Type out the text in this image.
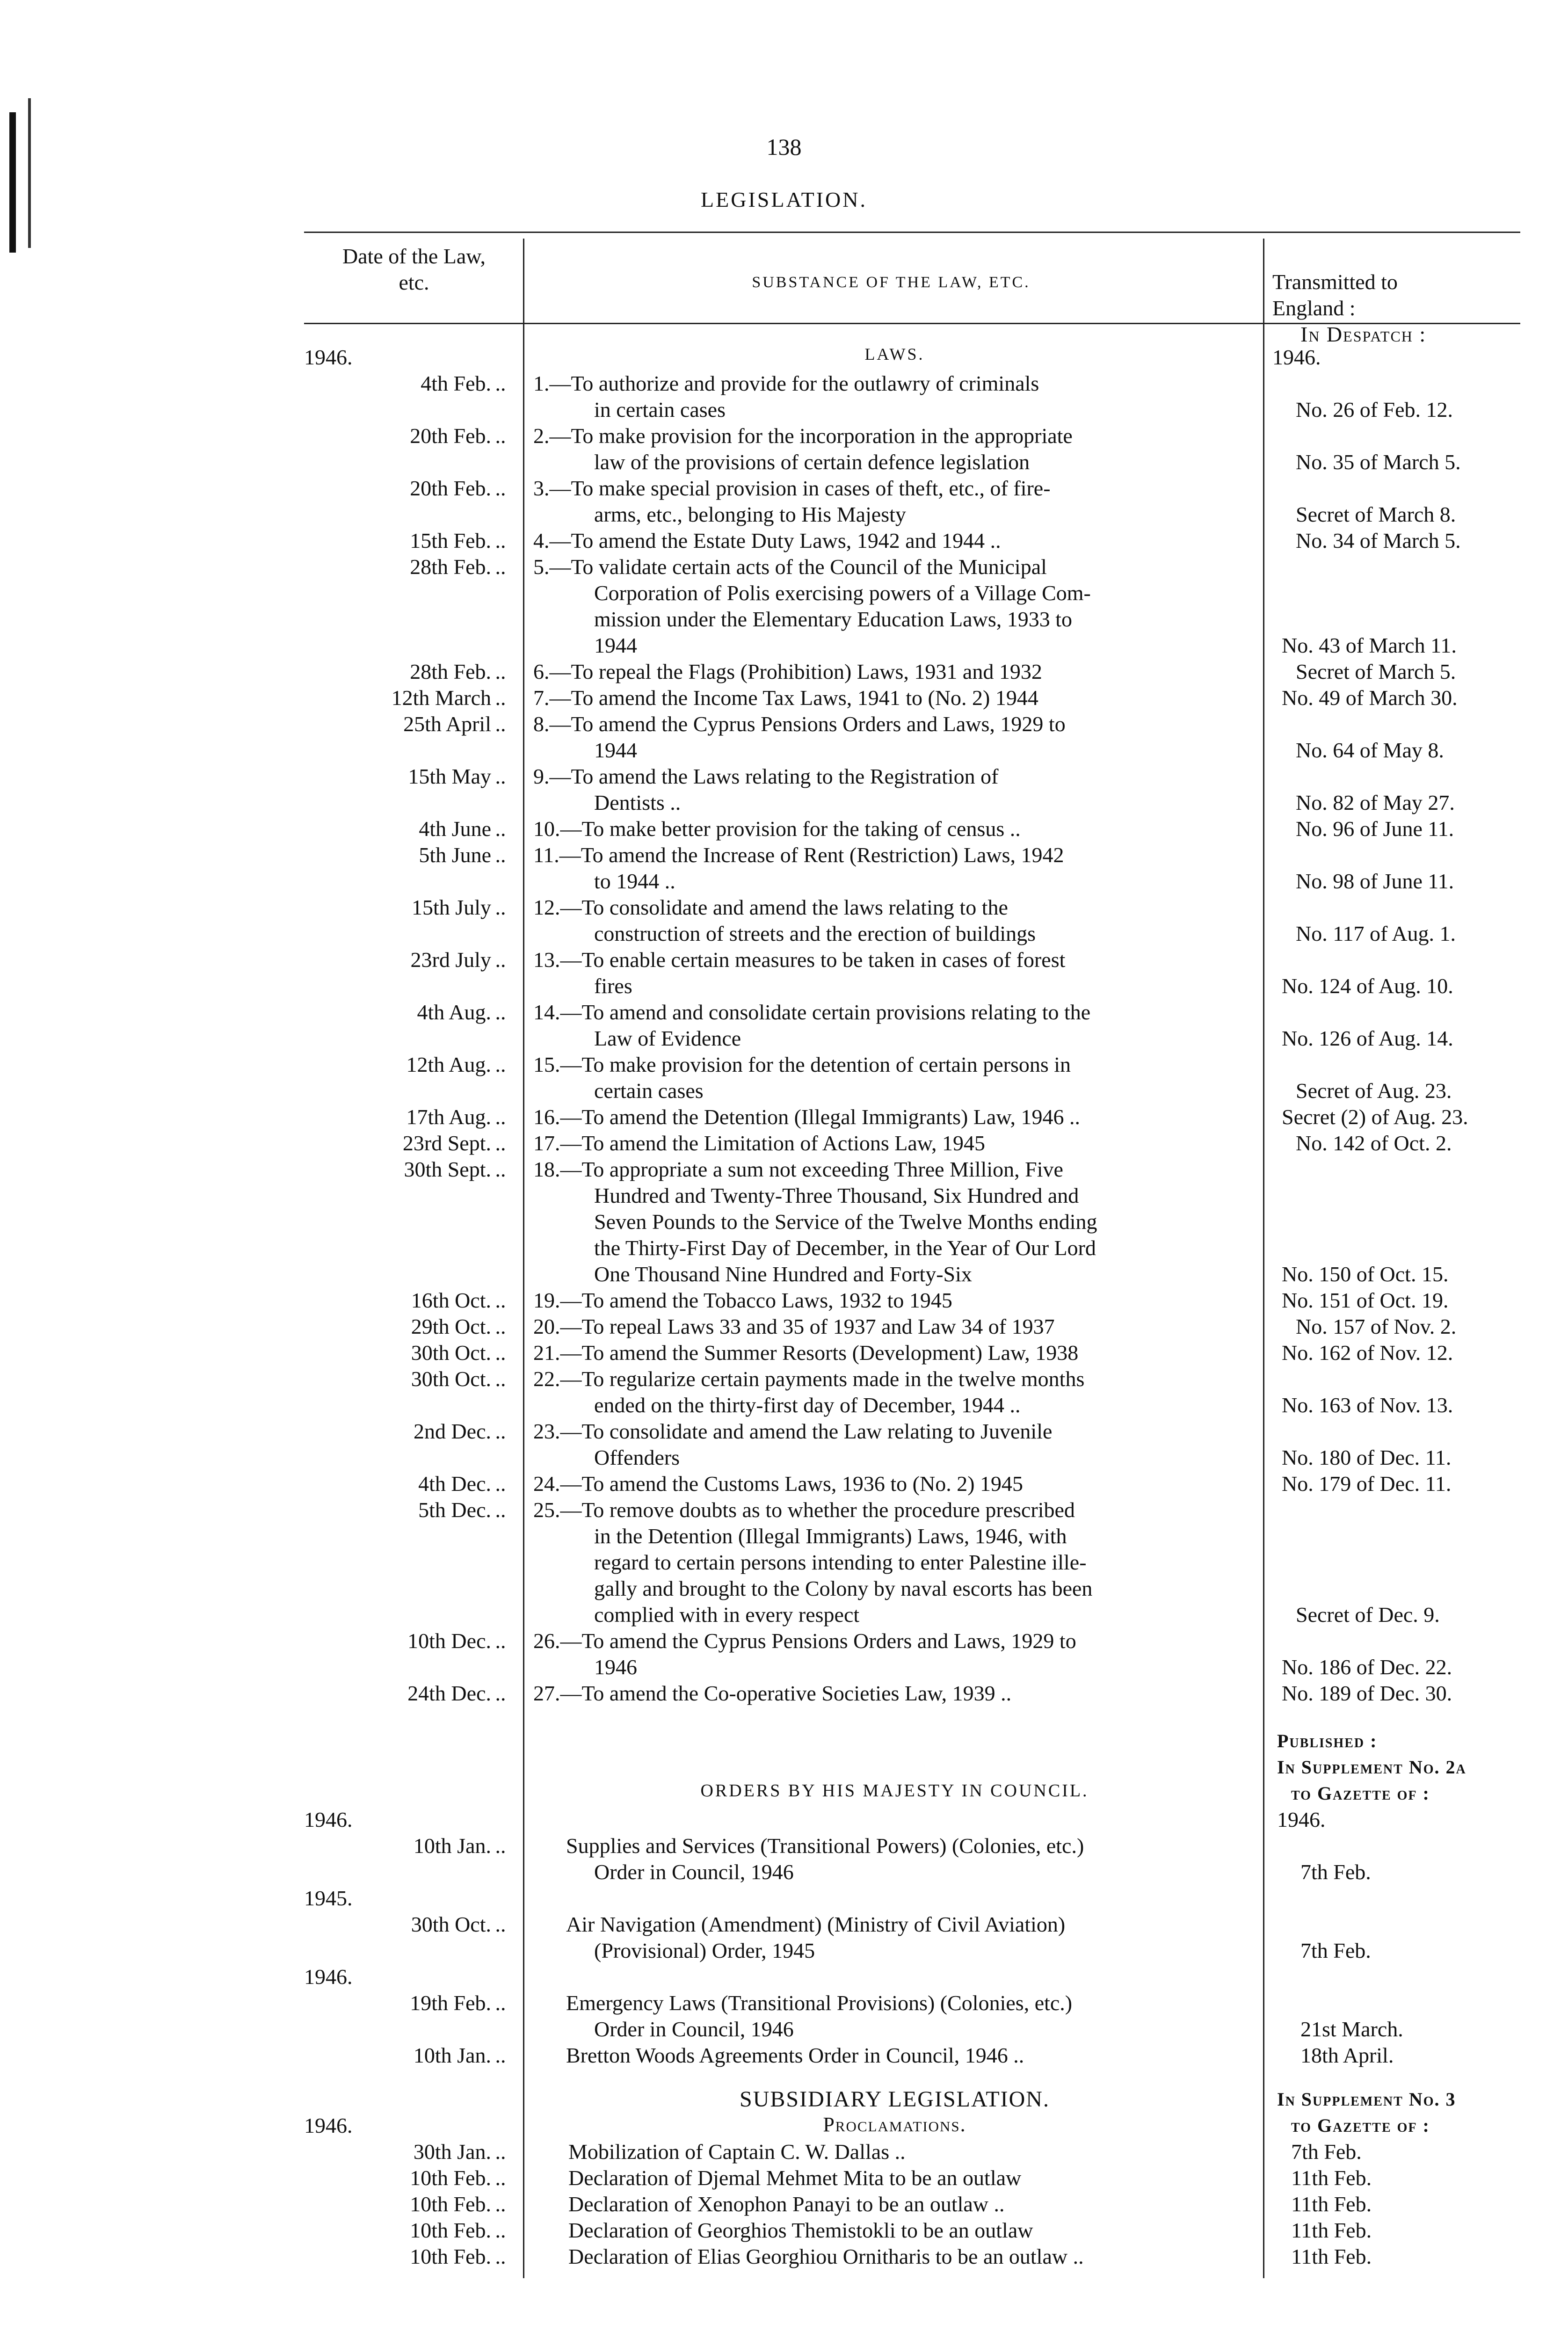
138
LEGISLATION.
Date of the Law,
etc.	SUBSTANCE OF THE LAW, ETC.	Transmitted to
England :
In Despatch :
LAWS.
1946.	1946.
4th Feb. ..	1.—To authorize and provide for the outlawry of criminals
in certain cases	No. 26 of Feb. 12.
20th Feb. ..	2.—To make provision for the incorporation in the appropriate
law of the provisions of certain defence legislation	No. 35 of March 5.
20th Feb. ..	3.—To make special provision in cases of theft, etc., of fire-
arms, etc., belonging to His Majesty	Secret of March 8.
15th Feb. ..	4.—To amend the Estate Duty Laws, 1942 and 1944 ..	No. 34 of March 5.
28th Feb. ..	5.—To validate certain acts of the Council of the Municipal
Corporation of Polis exercising powers of a Village Com-
mission under the Elementary Education Laws, 1933 to
1944	No. 43 of March 11.
28th Feb. ..	6.—To repeal the Flags (Prohibition) Laws, 1931 and 1932	Secret of March 5.
12th March ..	7.—To amend the Income Tax Laws, 1941 to (No. 2) 1944	No. 49 of March 30.
25th April ..	8.—To amend the Cyprus Pensions Orders and Laws, 1929 to
1944	No. 64 of May 8.
15th May ..	9.—To amend the Laws relating to the Registration of
Dentists ..	No. 82 of May 27.
4th June ..	10.—To make better provision for the taking of census ..	No. 96 of June 11.
5th June ..	11.—To amend the Increase of Rent (Restriction) Laws, 1942
to 1944 ..	No. 98 of June 11.
15th July ..	12.—To consolidate and amend the laws relating to the
construction of streets and the erection of buildings	No. 117 of Aug. 1.
23rd July ..	13.—To enable certain measures to be taken in cases of forest
fires	No. 124 of Aug. 10.
4th Aug. ..	14.—To amend and consolidate certain provisions relating to the
Law of Evidence	No. 126 of Aug. 14.
12th Aug. ..	15.—To make provision for the detention of certain persons in
certain cases	Secret of Aug. 23.
17th Aug. ..	16.—To amend the Detention (Illegal Immigrants) Law, 1946 ..	Secret (2) of Aug. 23.
23rd Sept. ..	17.—To amend the Limitation of Actions Law, 1945	No. 142 of Oct. 2.
30th Sept. ..	18.—To appropriate a sum not exceeding Three Million, Five
Hundred and Twenty-Three Thousand, Six Hundred and
Seven Pounds to the Service of the Twelve Months ending
the Thirty-First Day of December, in the Year of Our Lord
One Thousand Nine Hundred and Forty-Six	No. 150 of Oct. 15.
16th Oct. ..	19.—To amend the Tobacco Laws, 1932 to 1945	No. 151 of Oct. 19.
29th Oct. ..	20.—To repeal Laws 33 and 35 of 1937 and Law 34 of 1937	No. 157 of Nov. 2.
30th Oct. ..	21.—To amend the Summer Resorts (Development) Law, 1938	No. 162 of Nov. 12.
30th Oct. ..	22.—To regularize certain payments made in the twelve months
ended on the thirty-first day of December, 1944 ..	No. 163 of Nov. 13.
2nd Dec. ..	23.—To consolidate and amend the Law relating to Juvenile
Offenders	No. 180 of Dec. 11.
4th Dec. ..	24.—To amend the Customs Laws, 1936 to (No. 2) 1945	No. 179 of Dec. 11.
5th Dec. ..	25.—To remove doubts as to whether the procedure prescribed
in the Detention (Illegal Immigrants) Laws, 1946, with
regard to certain persons intending to enter Palestine ille-
gally and brought to the Colony by naval escorts has been
complied with in every respect	Secret of Dec. 9.
10th Dec. ..	26.—To amend the Cyprus Pensions Orders and Laws, 1929 to
1946	No. 186 of Dec. 22.
24th Dec. ..	27.—To amend the Co-operative Societies Law, 1939 ..	No. 189 of Dec. 30.
Published :
In Supplement No. 2a
to Gazette of :
1946.
ORDERS BY HIS MAJESTY IN COUNCIL.
1946.
10th Jan. ..	Supplies and Services (Transitional Powers) (Colonies, etc.)
Order in Council, 1946	7th Feb.
1945.
30th Oct. ..	Air Navigation (Amendment) (Ministry of Civil Aviation)
(Provisional) Order, 1945	7th Feb.
1946.
19th Feb. ..	Emergency Laws (Transitional Provisions) (Colonies, etc.)
Order in Council, 1946	21st March.
10th Jan. ..	Bretton Woods Agreements Order in Council, 1946 ..	18th April.
SUBSIDIARY LEGISLATION.
Proclamations.
1946.
In Supplement No. 3
to Gazette of :
30th Jan. ..	Mobilization of Captain C. W. Dallas ..	7th Feb.
10th Feb. ..	Declaration of Djemal Mehmet Mita to be an outlaw	11th Feb.
10th Feb. ..	Declaration of Xenophon Panayi to be an outlaw ..	11th Feb.
10th Feb. ..	Declaration of Georghios Themistokli to be an outlaw	11th Feb.
10th Feb. ..	Declaration of Elias Georghiou Ornitharis to be an outlaw ..	11th Feb.
